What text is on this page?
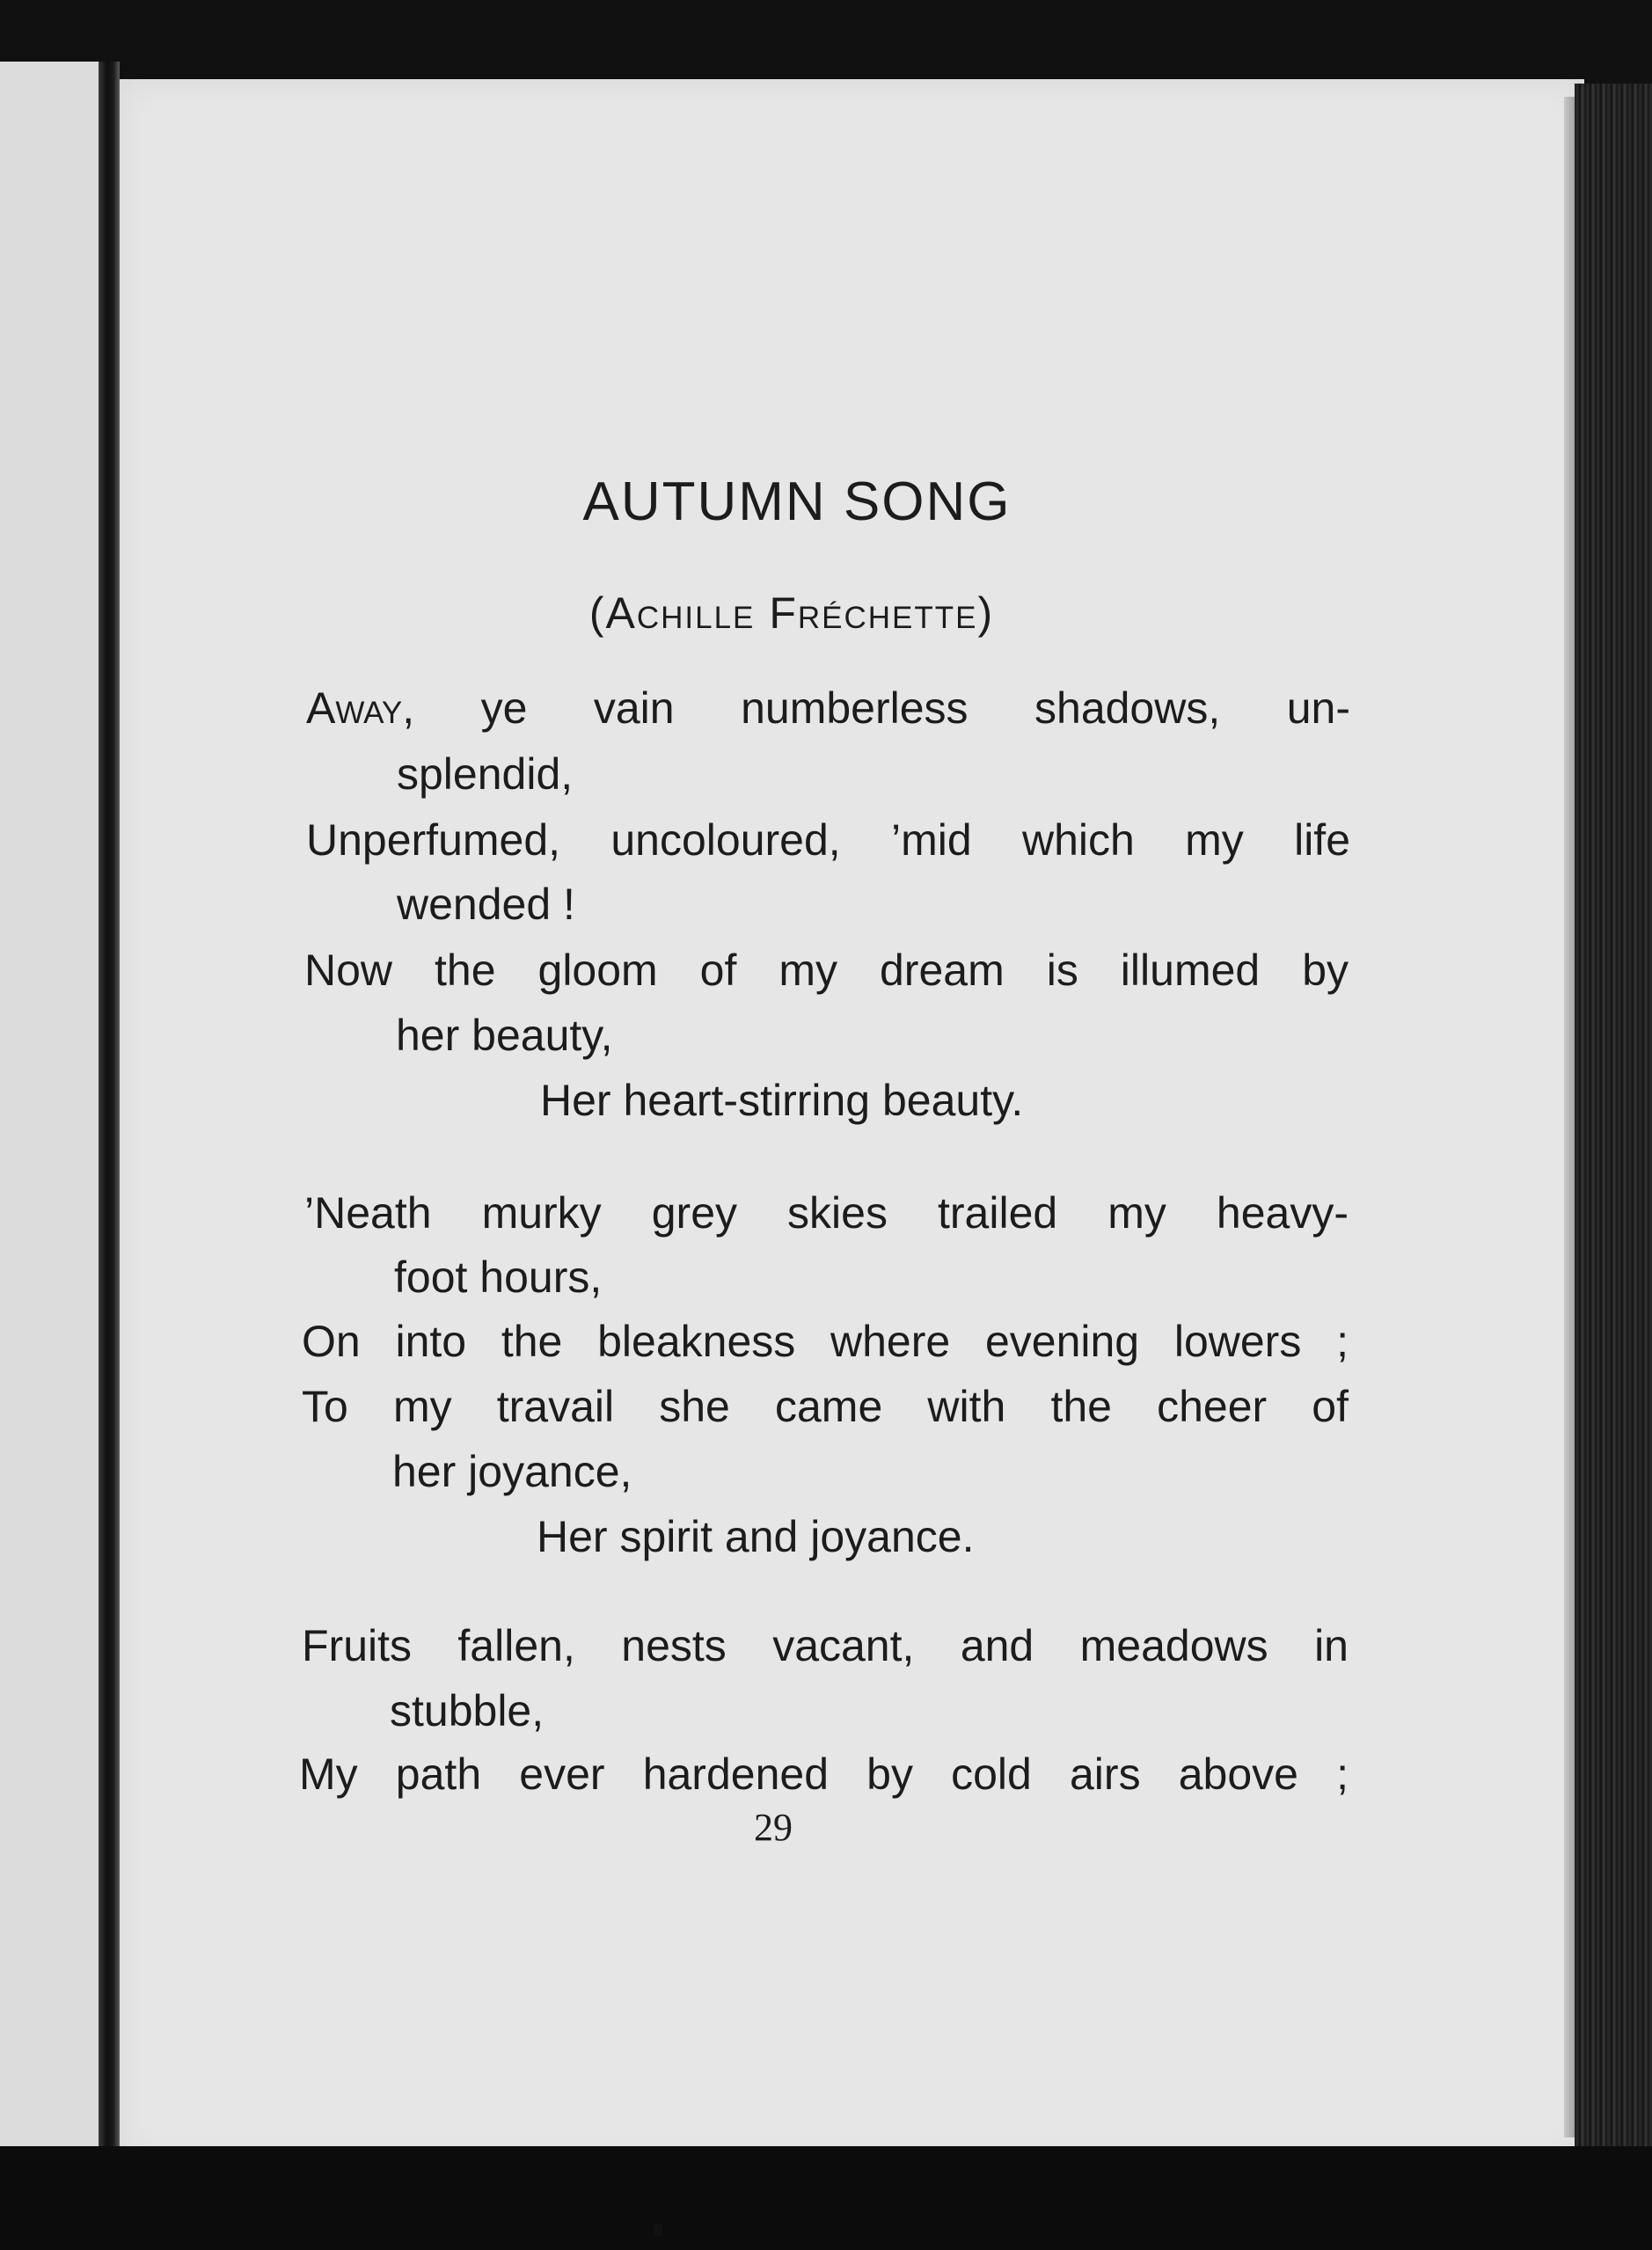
AUTUMN SONG
(Achille Fréchette)
Away, ye vain numberless shadows, un-
splendid,
Unperfumed, uncoloured, ’mid which my life
wended !
Now the gloom of my dream is illumed by
her beauty,
Her heart-stirring beauty.
’Neath murky grey skies trailed my heavy-
foot hours,
On into the bleakness where evening lowers ;
To my travail she came with the cheer of
her joyance,
Her spirit and joyance.
Fruits fallen, nests vacant, and meadows in
stubble,
My path ever hardened by cold airs above ;
29
